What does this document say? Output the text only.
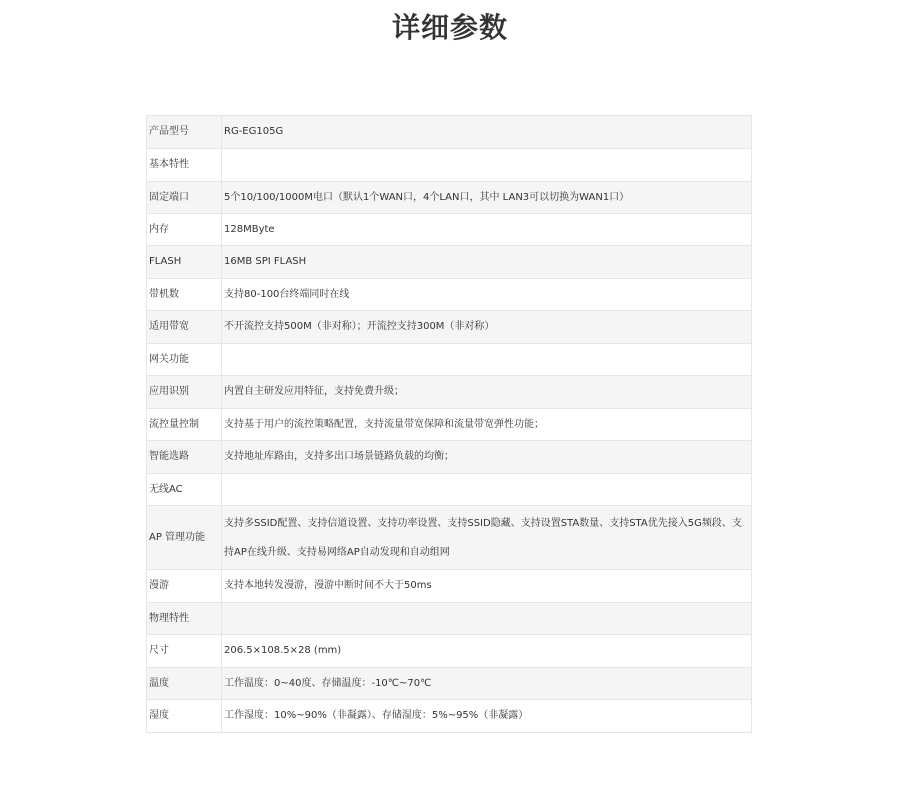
详细参数
产品型号	RG-EG105G
基本特性	
固定端口	5个10/100/1000M电口（默认1个WAN口，4个LAN口，其中 LAN3可以切换为WAN1口）
内存	128MByte
FLASH	16MB SPI FLASH
带机数	支持80-100台终端同时在线
适用带宽	不开流控支持500M（非对称）；开流控支持300M（非对称）
网关功能	
应用识别	内置自主研发应用特征，支持免费升级；
流控量控制	支持基于用户的流控策略配置，支持流量带宽保障和流量带宽弹性功能；
智能选路	支持地址库路由，支持多出口场景链路负载的均衡；
无线AC	
AP 管理功能	支持多SSID配置、支持信道设置、支持功率设置、支持SSID隐藏、支持设置STA数量、支持STA优先接入5G频段、支持AP在线升级、支持易网络AP自动发现和自动组网
漫游	支持本地转发漫游，漫游中断时间不大于50ms
物理特性	
尺寸	206.5×108.5×28 (mm)
温度	工作温度：0~40度、存储温度：-10℃~70℃
湿度	工作湿度：10%~90%（非凝露）、存储湿度：5%~95%（非凝露）
